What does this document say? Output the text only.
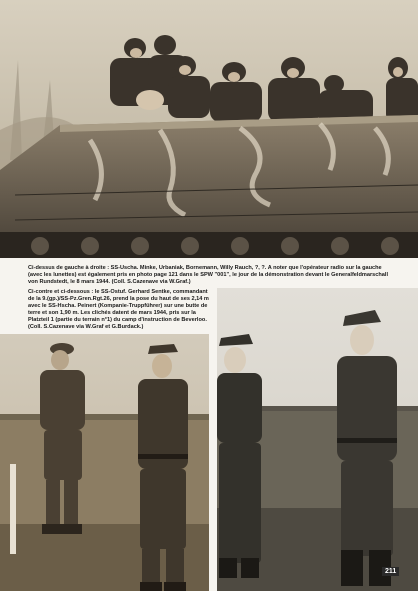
Ci-dessus de gauche à droite : SS-Uscha. Minke, Urbaniak, Bornemann, Willy Rauch, ?, ?. A noter que l'opérateur radio sur la gauche (avec les lunettes) est également pris en photo page 121 dans le SPW "001", le jour de la démonstration devant le Generalfeldmarschall von Rundstedt, le 8 mars 1944. (Coll. S.Cazenave via W.Graf.)

Ci-contre et ci-dessous : le SS-Ostuf. Gerhard Sentke, commandant de la 9.(gp.)/SS-Pz.Gren.Rgt.26, prend la pose du haut de ses 2,14 m avec le SS-Hscha. Peinert (Kompanie-Truppführer) sur une butte de terre et son 1,90 m. Les clichés datent de mars 1944, pris sur la Platzteil 1 (partie du terrain n°1) du camp d'instruction de Beverloo. (Coll. S.Cazenave via W.Graf et G.Burdack.)

211
